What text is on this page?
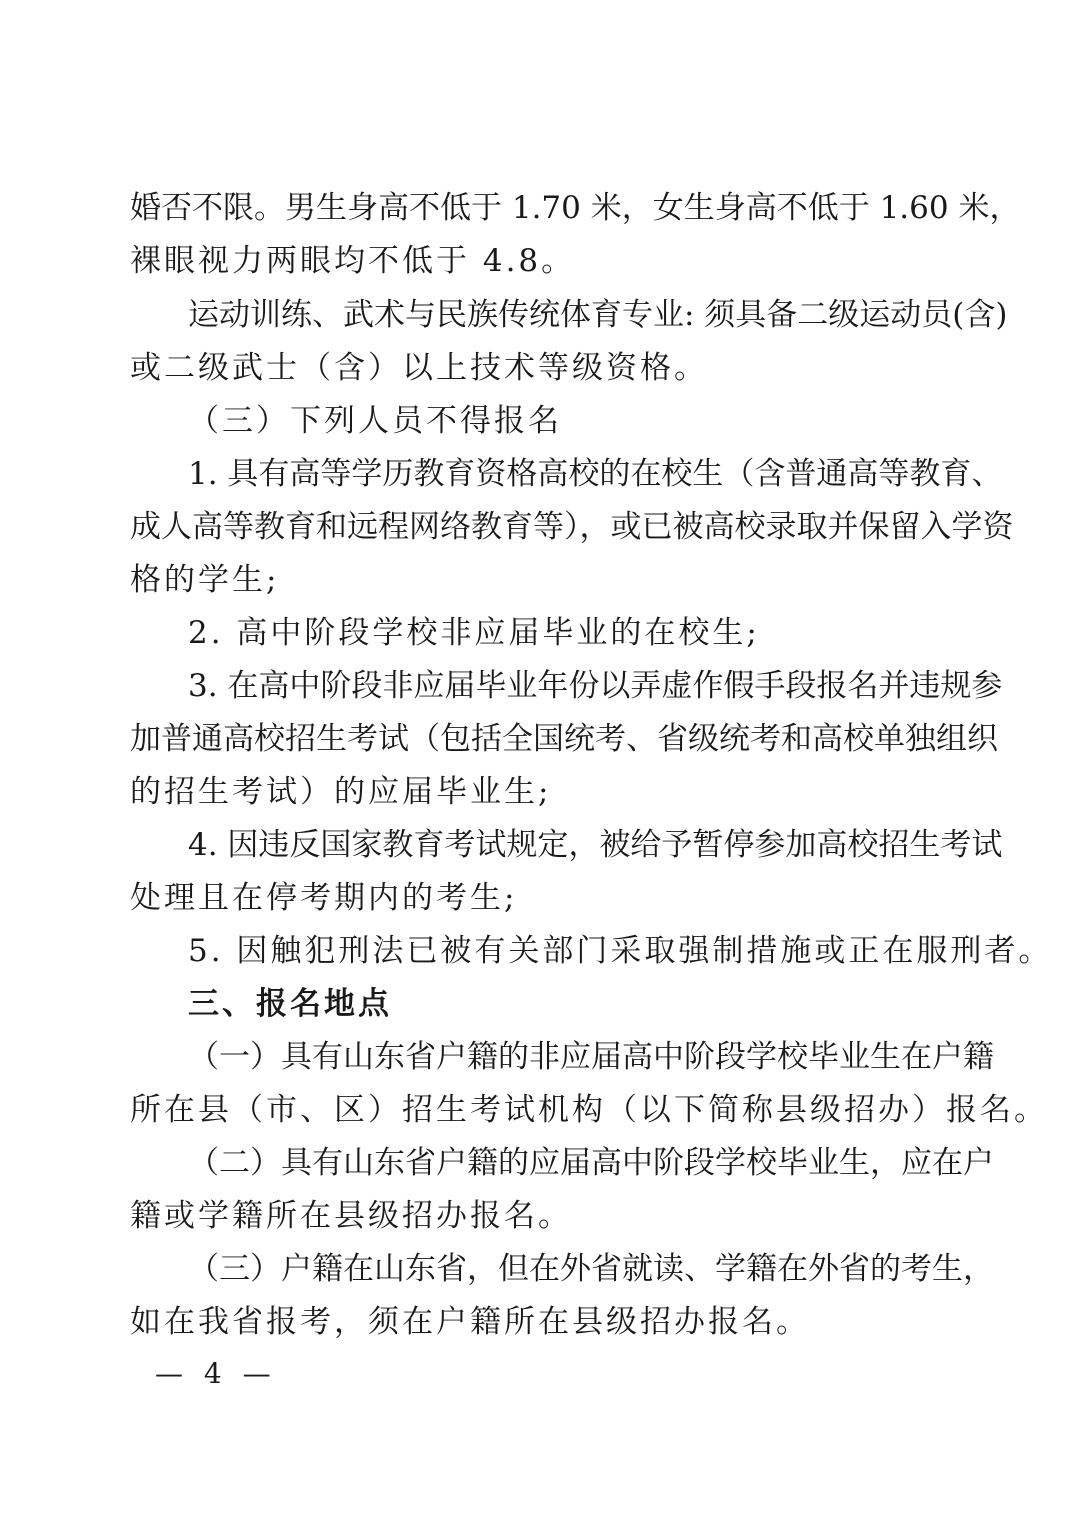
婚否不限。男生身高不低于 1.70 米，女生身高不低于 1.60 米，
裸眼视力两眼均不低于 4.8。
运动训练、武术与民族传统体育专业: 须具备二级运动员(含)
或二级武士（含）以上技术等级资格。
（三）下列人员不得报名
1. 具有高等学历教育资格高校的在校生（含普通高等教育、
成人高等教育和远程网络教育等），或已被高校录取并保留入学资
格的学生;
2. 高中阶段学校非应届毕业的在校生;
3. 在高中阶段非应届毕业年份以弄虚作假手段报名并违规参
加普通高校招生考试（包括全国统考、省级统考和高校单独组织
的招生考试）的应届毕业生;
4. 因违反国家教育考试规定，被给予暂停参加高校招生考试
处理且在停考期内的考生;
5. 因触犯刑法已被有关部门采取强制措施或正在服刑者。
三、报名地点
（一）具有山东省户籍的非应届高中阶段学校毕业生在户籍
所在县（市、区）招生考试机构（以下简称县级招办）报名。
（二）具有山东省户籍的应届高中阶段学校毕业生，应在户
籍或学籍所在县级招办报名。
（三）户籍在山东省，但在外省就读、学籍在外省的考生，
如在我省报考，须在户籍所在县级招办报名。
— 4 —
